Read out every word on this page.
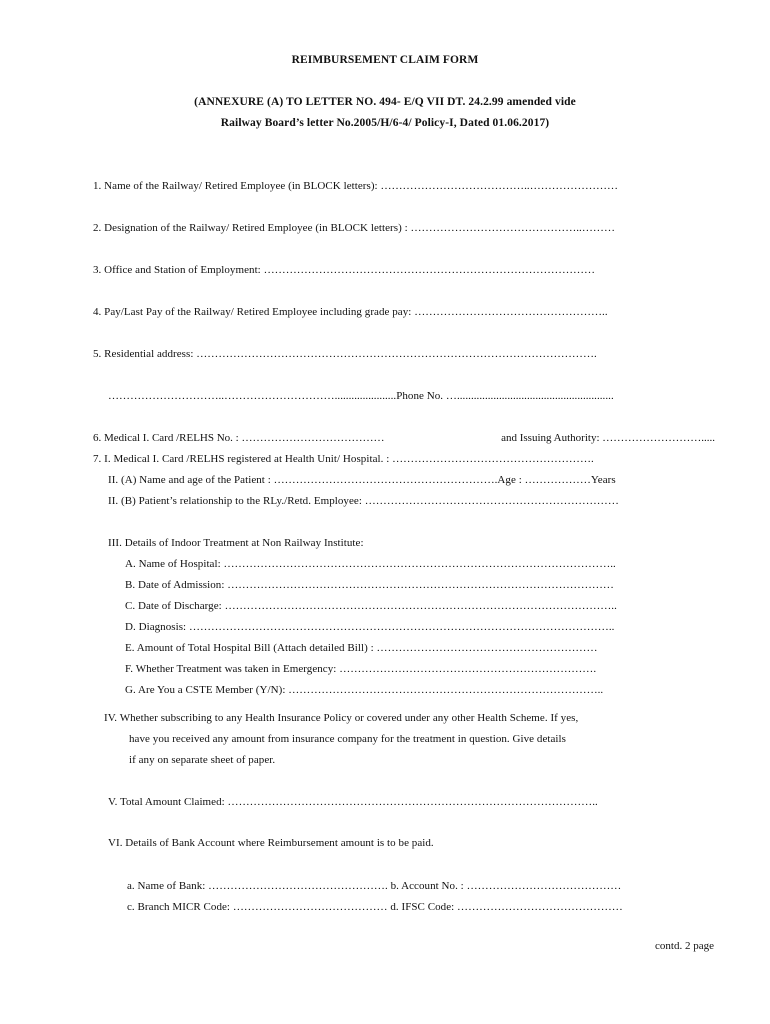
REIMBURSEMENT CLAIM FORM
(ANNEXURE (A) TO LETTER NO. 494- E/Q VII DT. 24.2.99 amended vide
Railway Board’s letter No.2005/H/6-4/ Policy-I, Dated 01.06.2017)
1. Name of the Railway/ Retired Employee (in BLOCK letters): …………………………………..……………………
2. Designation of the Railway/ Retired Employee (in BLOCK letters) : ………………………………………..………
3. Office and Station of Employment: ………………………………………………………………………………
4. Pay/Last Pay of the Railway/ Retired Employee including grade pay: ……………………………………………..
5. Residential address: ……………………………………………………………………………………………….
…………………………..…………………………......................Phone No. …........................................................
6. Medical I. Card /RELHS No. : …………………………………	and Issuing Authority: ……………………….....
7. I. Medical I. Card /RELHS registered at Health Unit/ Hospital. : ……………………………………………….
II. (A) Name and age of the Patient : …………………………………………………….Age : ………………Years
II. (B) Patient’s relationship to the RLy./Retd. Employee: ……………………………………………………………
III. Details of Indoor Treatment at Non Railway Institute:
A. Name of Hospital: ……………………………………………………………………………………………..
B. Date of Admission: ……………………………………………………………………………………………
C. Date of Discharge: ……………………………………………………………………………………………..
D. Diagnosis: ……………………………………………………………………………………………………..
E. Amount of Total Hospital Bill (Attach detailed Bill) : ……………………………………………………
F. Whether Treatment was taken in Emergency: …………………………………………………………….
G. Are You a CSTE Member (Y/N): …………………………………………………………………………..
IV. Whether subscribing to any Health Insurance Policy or covered under any other Health Scheme. If yes,
have you received any amount from insurance company for the treatment in question. Give details
if any on separate sheet of paper.
V. Total Amount Claimed: ………………………………………………………………………………………..
VI. Details of Bank Account where Reimbursement amount is to be paid.
a. Name of Bank: …………………………………………. b. Account No. : ……………………………………
c. Branch MICR Code: …………………………………… d. IFSC Code: ………………………………………
contd. 2 page
